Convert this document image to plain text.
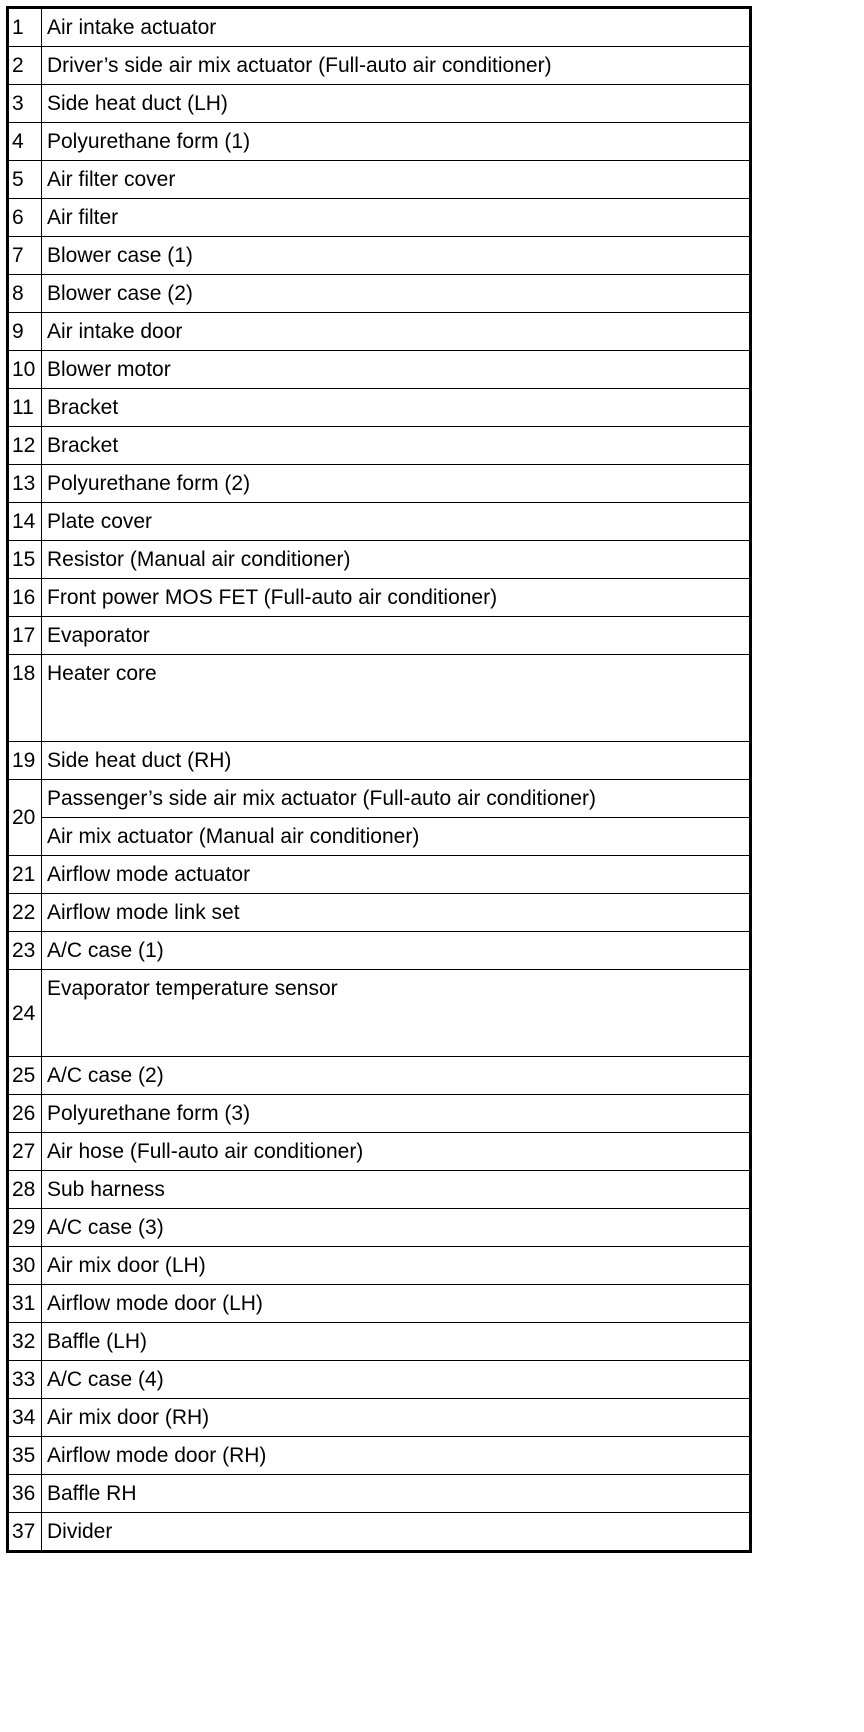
1	Air intake actuator
2	Driver’s side air mix actuator (Full-auto air conditioner)
3	Side heat duct (LH)
4	Polyurethane form (1)
5	Air filter cover
6	Air filter
7	Blower case (1)
8	Blower case (2)
9	Air intake door
10	Blower motor
11	Bracket
12	Bracket
13	Polyurethane form (2)
14	Plate cover
15	Resistor (Manual air conditioner)
16	Front power MOS FET (Full-auto air conditioner)
17	Evaporator
18	Heater core
19	Side heat duct (RH)
20	Passenger’s side air mix actuator (Full-auto air conditioner)
	Air mix actuator (Manual air conditioner)
21	Airflow mode actuator
22	Airflow mode link set
23	A/C case (1)
24	Evaporator temperature sensor
25	A/C case (2)
26	Polyurethane form (3)
27	Air hose (Full-auto air conditioner)
28	Sub harness
29	A/C case (3)
30	Air mix door (LH)
31	Airflow mode door (LH)
32	Baffle (LH)
33	A/C case (4)
34	Air mix door (RH)
35	Airflow mode door (RH)
36	Baffle RH
37	Divider
